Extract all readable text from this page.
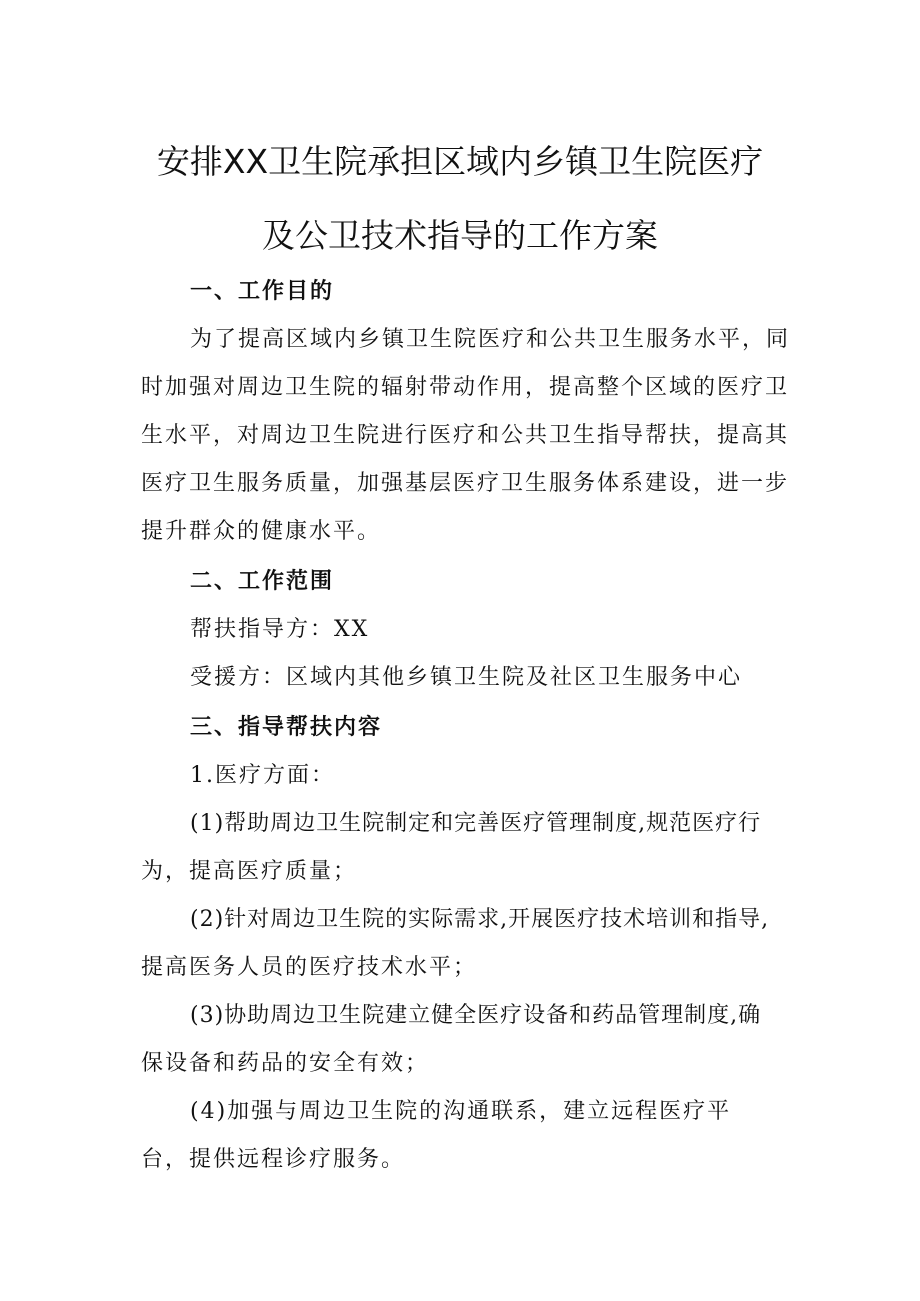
安排XX卫生院承担区域内乡镇卫生院医疗
及公卫技术指导的工作方案
一、工作目的
为了提高区域内乡镇卫生院医疗和公共卫生服务水平，同
时加强对周边卫生院的辐射带动作用，提高整个区域的医疗卫
生水平，对周边卫生院进行医疗和公共卫生指导帮扶，提高其
医疗卫生服务质量，加强基层医疗卫生服务体系建设，进一步
提升群众的健康水平。
二、工作范围
帮扶指导方：XX
受援方：区域内其他乡镇卫生院及社区卫生服务中心
三、指导帮扶内容
1.医疗方面：
(1)帮助周边卫生院制定和完善医疗管理制度,规范医疗行
为，提高医疗质量；
(2)针对周边卫生院的实际需求,开展医疗技术培训和指导,
提高医务人员的医疗技术水平；
(3)协助周边卫生院建立健全医疗设备和药品管理制度,确
保设备和药品的安全有效；
(4)加强与周边卫生院的沟通联系，建立远程医疗平
台，提供远程诊疗服务。
